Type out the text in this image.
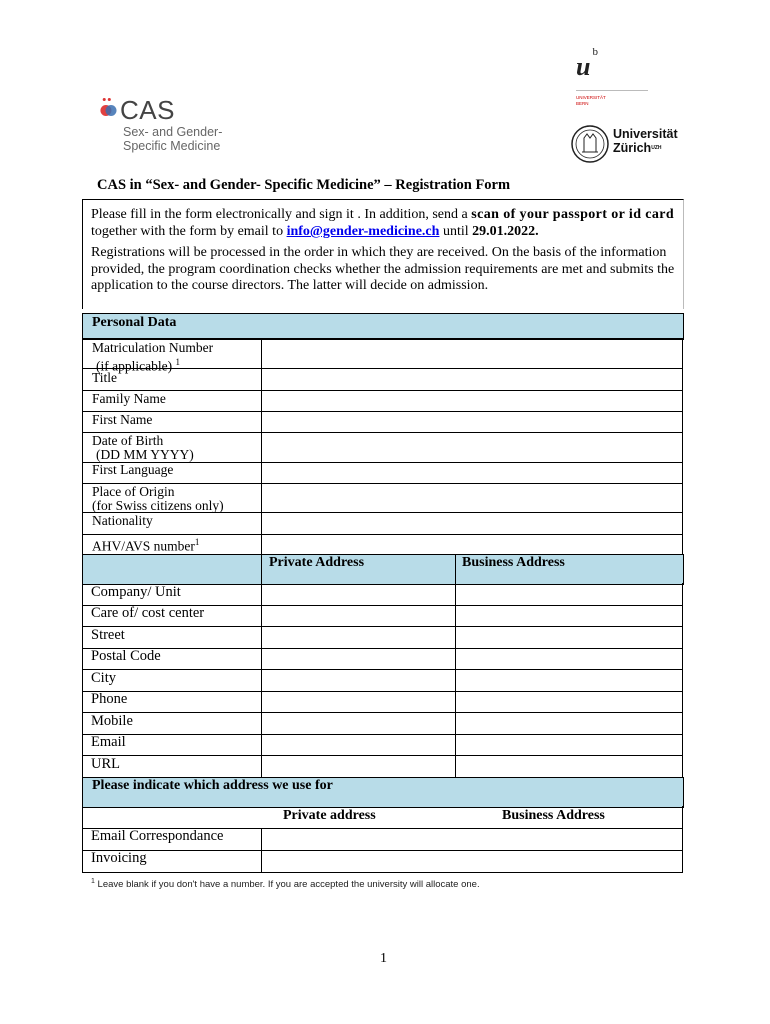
CAS
Sex- and Gender-
Specific Medicine
u $^b$
UNIVERSITÄT
BERN
Universität
Zürich$^{UZH}$
CAS in “Sex- and Gender- Specific Medicine” – Registration Form
Please fill in the form electronically and sign it . In addition, send a scan of your passport or id card together with the form by email to info@gender-medicine.ch until 29.01.2022.
Registrations will be processed in the order in which they are received. On the basis of the information provided, the program coordination checks whether the admission requirements are met and submits the application to the course directors. The latter will decide on admission.
Personal Data
Matriculation Number
(if applicable) $^1$
Title
Family Name
First Name
Date of Birth
(DD MM YYYY)
First Language
Place of Origin
(for Swiss citizens only)
Nationality
AHV/AVS number$^1$
Private Address	Business Address
Company/ Unit
Care of/ cost center
Street
Postal Code
City
Phone
Mobile
Email
URL
Please indicate which address we use for
Private address	Business Address
Email Correspondance
Invoicing
$^1$ Leave blank if you don't have a number. If you are accepted the university will allocate one.
1
